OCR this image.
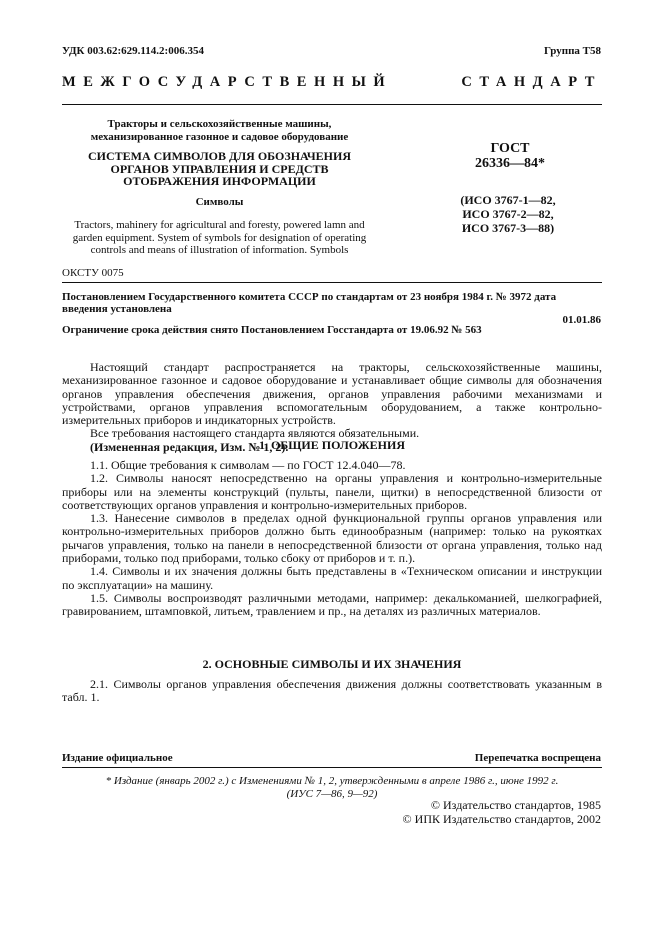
УДК 003.62:629.114.2:006.354	Группа Т58
МЕЖГОСУДАРСТВЕННЫЙ	СТАНДАРТ
Тракторы и сельскохозяйственные машины,
механизированное газонное и садовое оборудование
СИСТЕМА СИМВОЛОВ ДЛЯ ОБОЗНАЧЕНИЯ
ОРГАНОВ УПРАВЛЕНИЯ И СРЕДСТВ
ОТОБРАЖЕНИЯ ИНФОРМАЦИИ
Символы
Tractors, mahinery for agricultural and foresty, powered lamn and
garden equipment. System of symbols for designation of operating
controls and means of illustration of information. Symbols
ГОСТ
26336—84*
(ИСО 3767-1—82,
ИСО 3767-2—82,
ИСО 3767-3—88)
ОКСТУ 0075
Постановлением Государственного комитета СССР по стандартам от 23 ноября 1984 г. № 3972 дата введения установлена
01.01.86
Ограничение срока действия снято Постановлением Госстандарта от 19.06.92 № 563

Настоящий стандарт распространяется на тракторы, сельскохозяйственные машины, механизированное газонное и садовое оборудование и устанавливает общие символы для обозначения органов управления обеспечения движения, органов управления рабочими механизмами и устройствами, органов управления вспомогательным оборудованием, а также контрольно-измерительных приборов и индикаторных устройств.

Все требования настоящего стандарта являются обязательными.

(Измененная редакция, Изм. № 1, 2).

1. ОБЩИЕ ПОЛОЖЕНИЯ

1.1. Общие требования к символам — по ГОСТ 12.4.040—78.

1.2. Символы наносят непосредственно на органы управления и контрольно-измерительные приборы или на элементы конструкций (пульты, панели, щитки) в непосредственной близости от соответствующих органов управления и контрольно-измерительных приборов.

1.3. Нанесение символов в пределах одной функциональной группы органов управления или контрольно-измерительных приборов должно быть единообразным (например: только на рукоятках рычагов управления, только на панели в непосредственной близости от органа управления, только над приборами, только под приборами, только сбоку от приборов и т. п.).

1.4. Символы и их значения должны быть представлены в «Техническом описании и инструкции по эксплуатации» на машину.

1.5. Символы воспроизводят различными методами, например: декалькоманией, шелкографией, гравированием, штамповкой, литьем, травлением и пр., на деталях из различных материалов.

2. ОСНОВНЫЕ СИМВОЛЫ И ИХ ЗНАЧЕНИЯ

2.1. Символы органов управления обеспечения движения должны соответствовать указанным в табл. 1.

Издание официальное	Перепечатка воспрещена
* Издание (январь 2002 г.) с Изменениями № 1, 2, утвержденными в апреле 1986 г., июне 1992 г.
(ИУС 7—86, 9—92)
© Издательство стандартов, 1985
© ИПК Издательство стандартов, 2002
